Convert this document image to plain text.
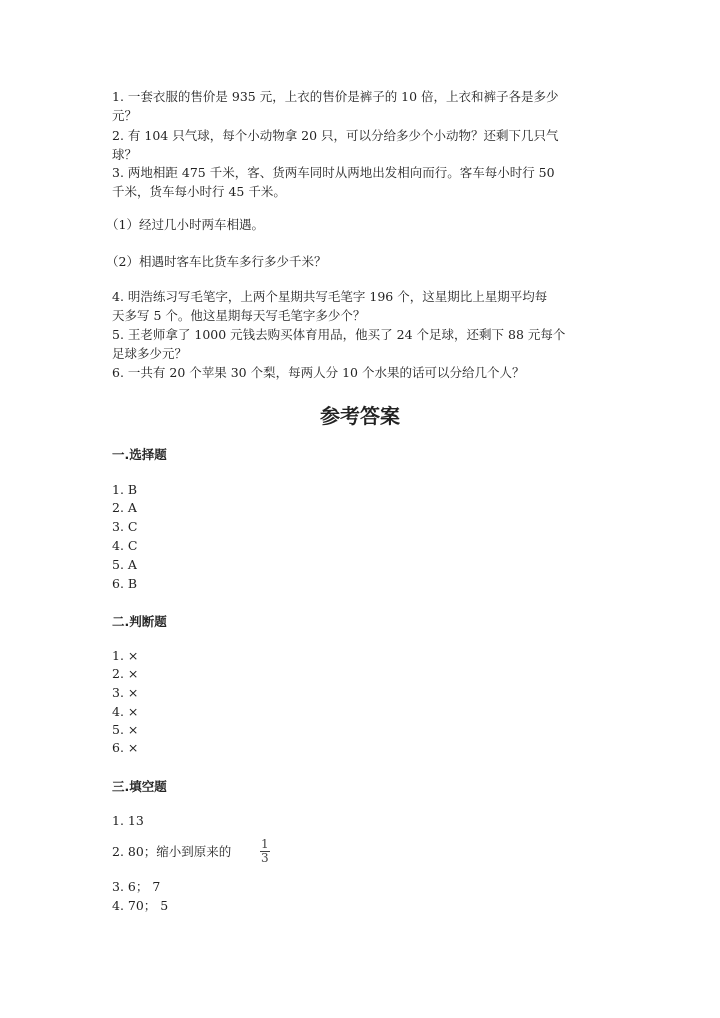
1. 一套衣服的售价是 935 元，上衣的售价是裤子的 10 倍，上衣和裤子各是多少
元？
2. 有 104 只气球，每个小动物拿 20 只，可以分给多少个小动物？还剩下几只气
球？
3. 两地相距 475 千米，客、货两车同时从两地出发相向而行。客车每小时行 50
千米，货车每小时行 45 千米。
（1）经过几小时两车相遇。
（2）相遇时客车比货车多行多少千米？
4. 明浩练习写毛笔字，上两个星期共写毛笔字 196 个，这星期比上星期平均每
天多写 5 个。他这星期每天写毛笔字多少个？
5. 王老师拿了 1000 元钱去购买体育用品，他买了 24 个足球，还剩下 88 元每个
足球多少元？
6. 一共有 20 个苹果 30 个梨，每两人分 10 个水果的话可以分给几个人？
参考答案
一.选择题
1. B
2. A
3. C
4. C
5. A
6. B
二.判断题
1. ×
2. ×
3. ×
4. ×
5. ×
6. ×
三.填空题
1. 13
2. 80；缩小到原来的 $\frac{1}{3}$
3. 6； 7
4. 70； 5
